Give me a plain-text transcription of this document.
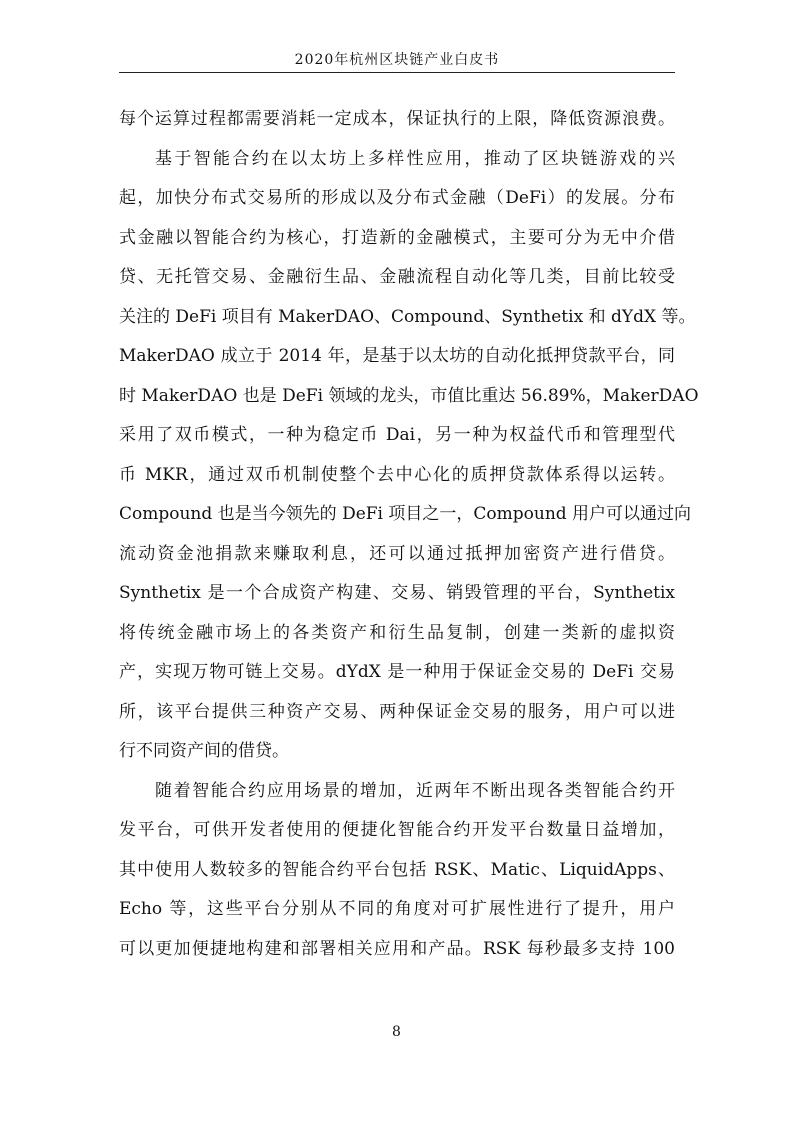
2020年杭州区块链产业白皮书
每个运算过程都需要消耗一定成本，保证执行的上限，降低资源浪费。
基于智能合约在以太坊上多样性应用，推动了区块链游戏的兴
起，加快分布式交易所的形成以及分布式金融（DeFi）的发展。分布
式金融以智能合约为核心，打造新的金融模式，主要可分为无中介借
贷、无托管交易、金融衍生品、金融流程自动化等几类，目前比较受
关注的 DeFi 项目有 MakerDAO、Compound、Synthetix 和 dYdX 等。
MakerDAO 成立于 2014 年，是基于以太坊的自动化抵押贷款平台，同
时 MakerDAO 也是 DeFi 领域的龙头，市值比重达 56.89%，MakerDAO
采用了双币模式，一种为稳定币 Dai，另一种为权益代币和管理型代
币 MKR，通过双币机制使整个去中心化的质押贷款体系得以运转。
Compound 也是当今领先的 DeFi 项目之一，Compound 用户可以通过向
流动资金池捐款来赚取利息，还可以通过抵押加密资产进行借贷。
Synthetix 是一个合成资产构建、交易、销毁管理的平台，Synthetix
将传统金融市场上的各类资产和衍生品复制，创建一类新的虚拟资
产，实现万物可链上交易。dYdX 是一种用于保证金交易的 DeFi 交易
所，该平台提供三种资产交易、两种保证金交易的服务，用户可以进
行不同资产间的借贷。
随着智能合约应用场景的增加，近两年不断出现各类智能合约开
发平台，可供开发者使用的便捷化智能合约开发平台数量日益增加，
其中使用人数较多的智能合约平台包括 RSK、Matic、LiquidApps、
Echo 等，这些平台分别从不同的角度对可扩展性进行了提升，用户
可以更加便捷地构建和部署相关应用和产品。RSK 每秒最多支持 100
8
